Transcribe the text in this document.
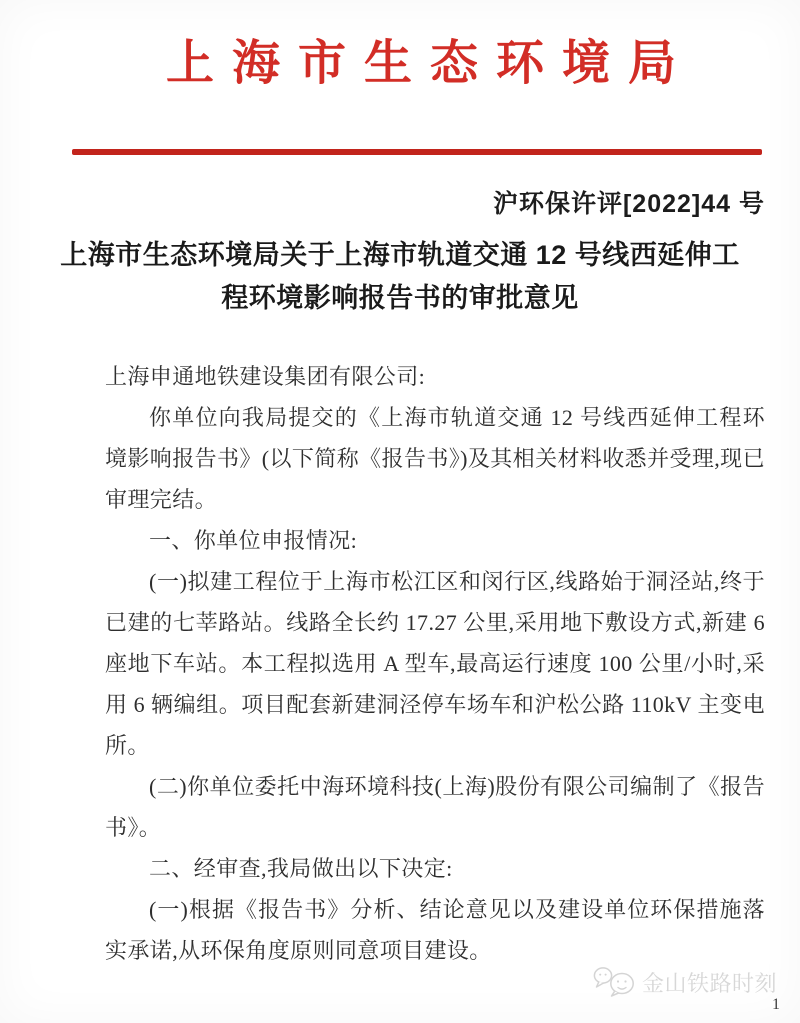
上海市生态环境局

沪环保许评[2022]44 号

上海市生态环境局关于上海市轨道交通 12 号线西延伸工程环境影响报告书的审批意见

上海申通地铁建设集团有限公司:

你单位向我局提交的《上海市轨道交通 12 号线西延伸工程环境影响报告书》(以下简称《报告书》)及其相关材料收悉并受理,现已审理完结。

一、你单位申报情况:

(一)拟建工程位于上海市松江区和闵行区,线路始于洞泾站,终于已建的七莘路站。线路全长约 17.27 公里,采用地下敷设方式,新建 6 座地下车站。本工程拟选用 A 型车,最高运行速度 100 公里/小时,采用 6 辆编组。项目配套新建洞泾停车场车和沪松公路 110kV 主变电所。

(二)你单位委托中海环境科技(上海)股份有限公司编制了《报告书》。

二、经审查,我局做出以下决定:

(一)根据《报告书》分析、结论意见以及建设单位环保措施落实承诺,从环保角度原则同意项目建设。

金山铁路时刻
1
